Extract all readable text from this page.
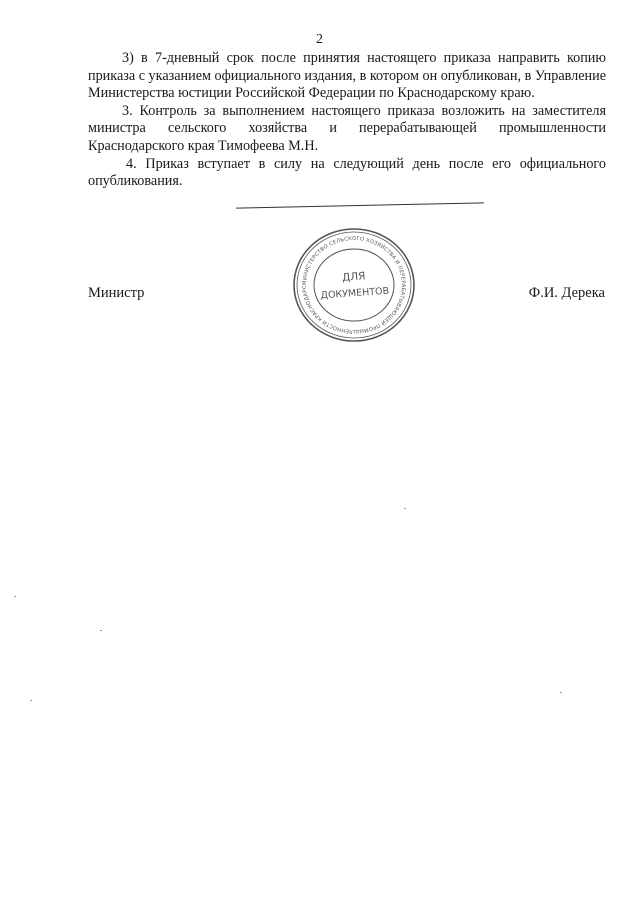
2

3) в 7-дневный срок после принятия настоящего приказа направить копию приказа с указанием официального издания, в котором он опубликован, в Управление Министерства юстиции Российской Федерации по Краснодарскому краю.

3. Контроль за выполнением настоящего приказа возложить на заместителя министра сельского хозяйства и перерабатывающей промышленности Краснодарского края Тимофеева М.Н.

4. Приказ вступает в силу на следующий день после его официального опубликования.

Министр	Ф.И. Дерека
МИНИСТЕРСТВО СЕЛЬСКОГО ХОЗЯЙСТВА И ПЕРЕРАБАТЫВАЮЩЕЙ ПРОМЫШЛЕННОСТИ КРАСНОДАРС
ДЛЯ
ДОКУМЕНТОВ
